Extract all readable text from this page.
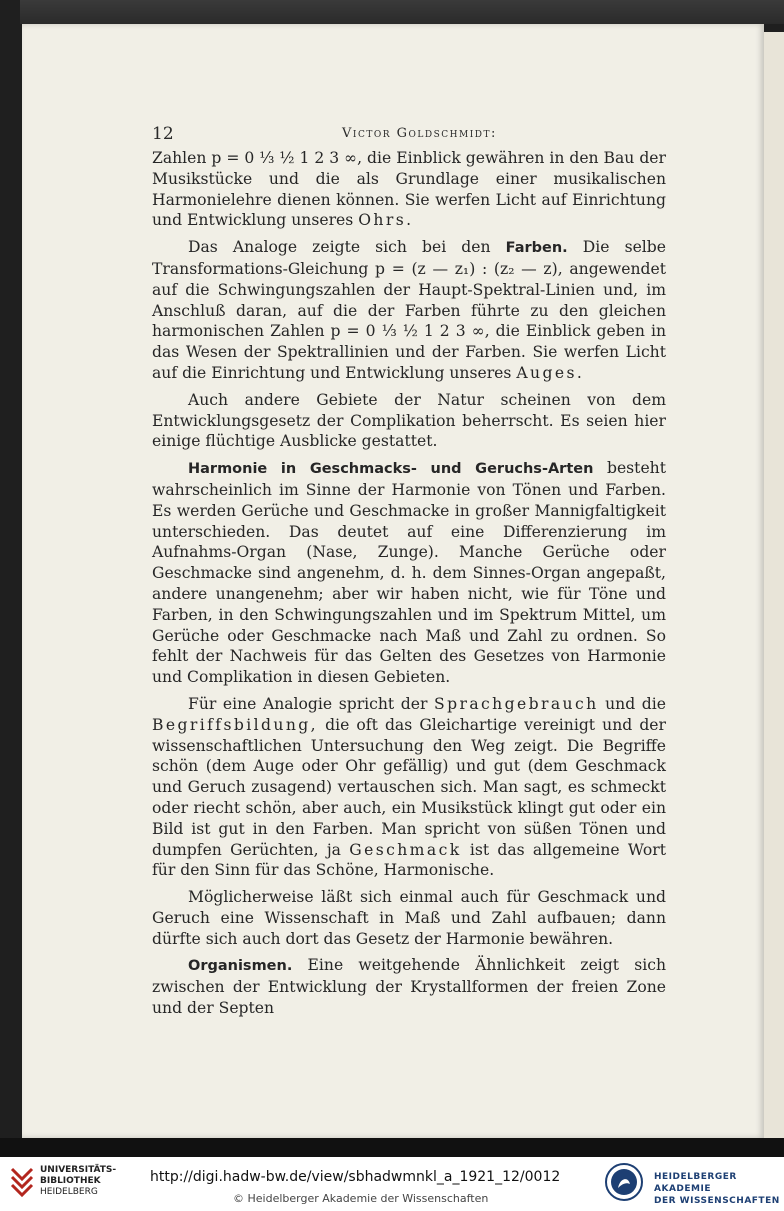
12	Victor Goldschmidt:

Zahlen p = 0 ⅓ ½ 1 2 3 ∞, die Einblick gewähren in den Bau der Musikstücke und die als Grundlage einer musikalischen Harmonielehre dienen können. Sie werfen Licht auf Einrichtung und Entwicklung unseres Ohrs.

Das Analoge zeigte sich bei den Farben. Die selbe Transformations-Gleichung p = (z — z₁) : (z₂ — z), angewendet auf die Schwingungszahlen der Haupt-Spektral-Linien und, im Anschluß daran, auf die der Farben führte zu den gleichen harmonischen Zahlen p = 0 ⅓ ½ 1 2 3 ∞, die Einblick geben in das Wesen der Spektrallinien und der Farben. Sie werfen Licht auf die Einrichtung und Entwicklung unseres Auges.

Auch andere Gebiete der Natur scheinen von dem Entwicklungsgesetz der Complikation beherrscht. Es seien hier einige flüchtige Ausblicke gestattet.

Harmonie in Geschmacks- und Geruchs-Arten besteht wahrscheinlich im Sinne der Harmonie von Tönen und Farben. Es werden Gerüche und Geschmacke in großer Mannigfaltigkeit unterschieden. Das deutet auf eine Differenzierung im Aufnahms-Organ (Nase, Zunge). Manche Gerüche oder Geschmacke sind angenehm, d. h. dem Sinnes-Organ angepaßt, andere unangenehm; aber wir haben nicht, wie für Töne und Farben, in den Schwingungszahlen und im Spektrum Mittel, um Gerüche oder Geschmacke nach Maß und Zahl zu ordnen. So fehlt der Nachweis für das Gelten des Gesetzes von Harmonie und Complikation in diesen Gebieten.

Für eine Analogie spricht der Sprachgebrauch und die Begriffsbildung, die oft das Gleichartige vereinigt und der wissenschaftlichen Untersuchung den Weg zeigt. Die Begriffe schön (dem Auge oder Ohr gefällig) und gut (dem Geschmack und Geruch zusagend) vertauschen sich. Man sagt, es schmeckt oder riecht schön, aber auch, ein Musikstück klingt gut oder ein Bild ist gut in den Farben. Man spricht von süßen Tönen und dumpfen Gerüchten, ja Geschmack ist das allgemeine Wort für den Sinn für das Schöne, Harmonische.

Möglicherweise läßt sich einmal auch für Geschmack und Geruch eine Wissenschaft in Maß und Zahl aufbauen; dann dürfte sich auch dort das Gesetz der Harmonie bewähren.

Organismen. Eine weitgehende Ähnlichkeit zeigt sich zwischen der Entwicklung der Krystallformen der freien Zone und der Septen

UNIVERSITÄTS-
BIBLIOTHEK
HEIDELBERG
http://digi.hadw-bw.de/view/sbhadwmnkl_a_1921_12/0012
© Heidelberger Akademie der Wissenschaften
HEIDELBERGER AKADEMIE
DER WISSENSCHAFTEN
